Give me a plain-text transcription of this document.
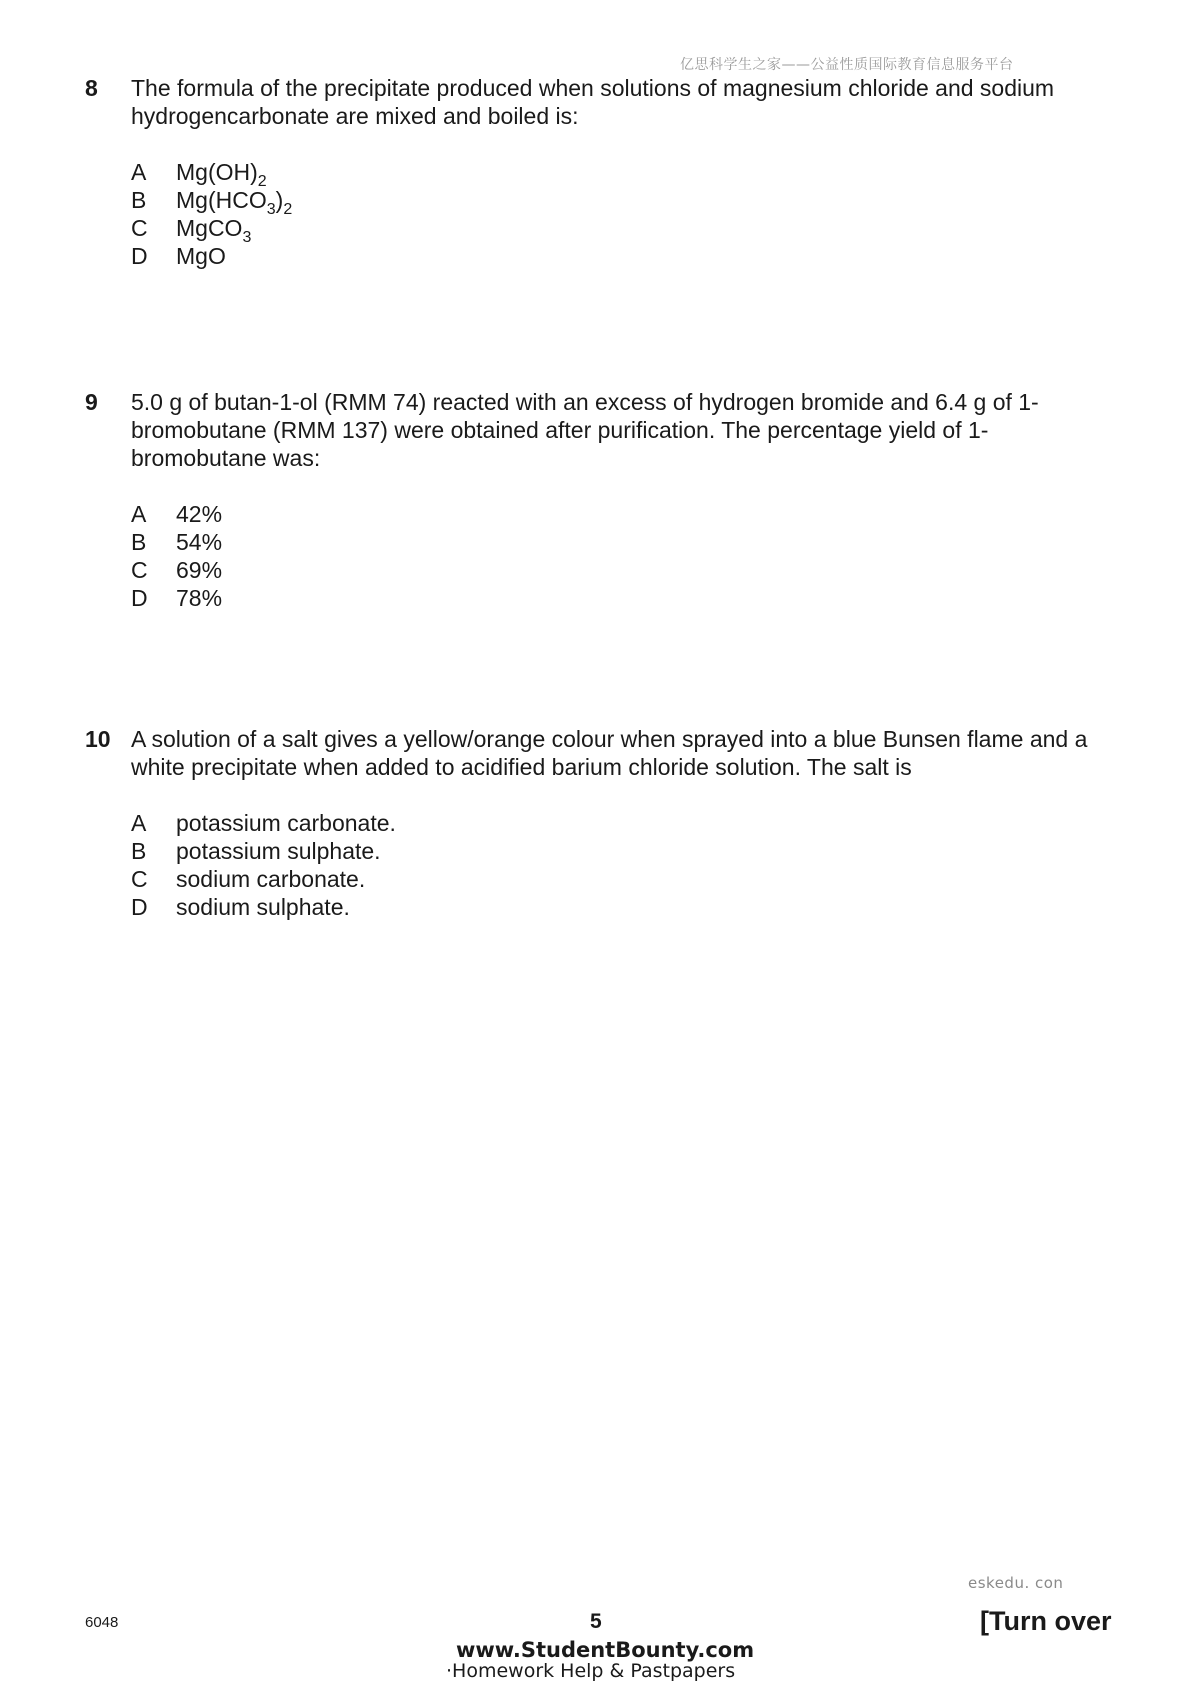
亿思科学生之家——公益性质国际教育信息服务平台
8 The formula of the precipitate produced when solutions of magnesium chloride and sodium hydrogencarbonate are mixed and boiled is:
A	$Mg(OH)_2$
B	$Mg(HCO_3)_2$
C	MgCO$_3$
D	MgO
9 5.0 g of butan-1-ol (RMM 74) reacted with an excess of hydrogen bromide and 6.4 g of 1-bromobutane (RMM 137) were obtained after purification. The percentage yield of 1-bromobutane was:
A	42%
B	54%
C	69%
D	78%
10 A solution of a salt gives a yellow/orange colour when sprayed into a blue Bunsen flame and a white precipitate when added to acidified barium chloride solution. The salt is
A	potassium carbonate.
B	potassium sulphate.
C	sodium carbonate.
D	sodium sulphate.
eskedu. con
6048	5	[Turn over
www.StudentBounty.com
·Homework Help & Pastpapers
